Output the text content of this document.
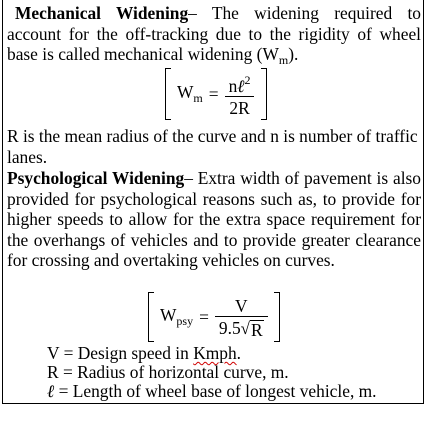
Mechanical Widening– The widening required to account for the off-tracking due to the rigidity of wheel base is called mechanical widening $(W_m)$.
$W_m = \frac{n\ell^2}{2R}$
R is the mean radius of the curve and n is number of traffic lanes.
Psychological Widening– Extra width of pavement is also provided for psychological reasons such as, to provide for higher speeds to allow for the extra space requirement for the overhangs of vehicles and to provide greater clearance for crossing and overtaking vehicles on curves.
$W_{psy} = \frac{V}{9.5 √ R}$
V = Design speed in Kmph.
R = Radius of horizontal curve, m.
ℓ = Length of wheel base of longest vehicle, m.
